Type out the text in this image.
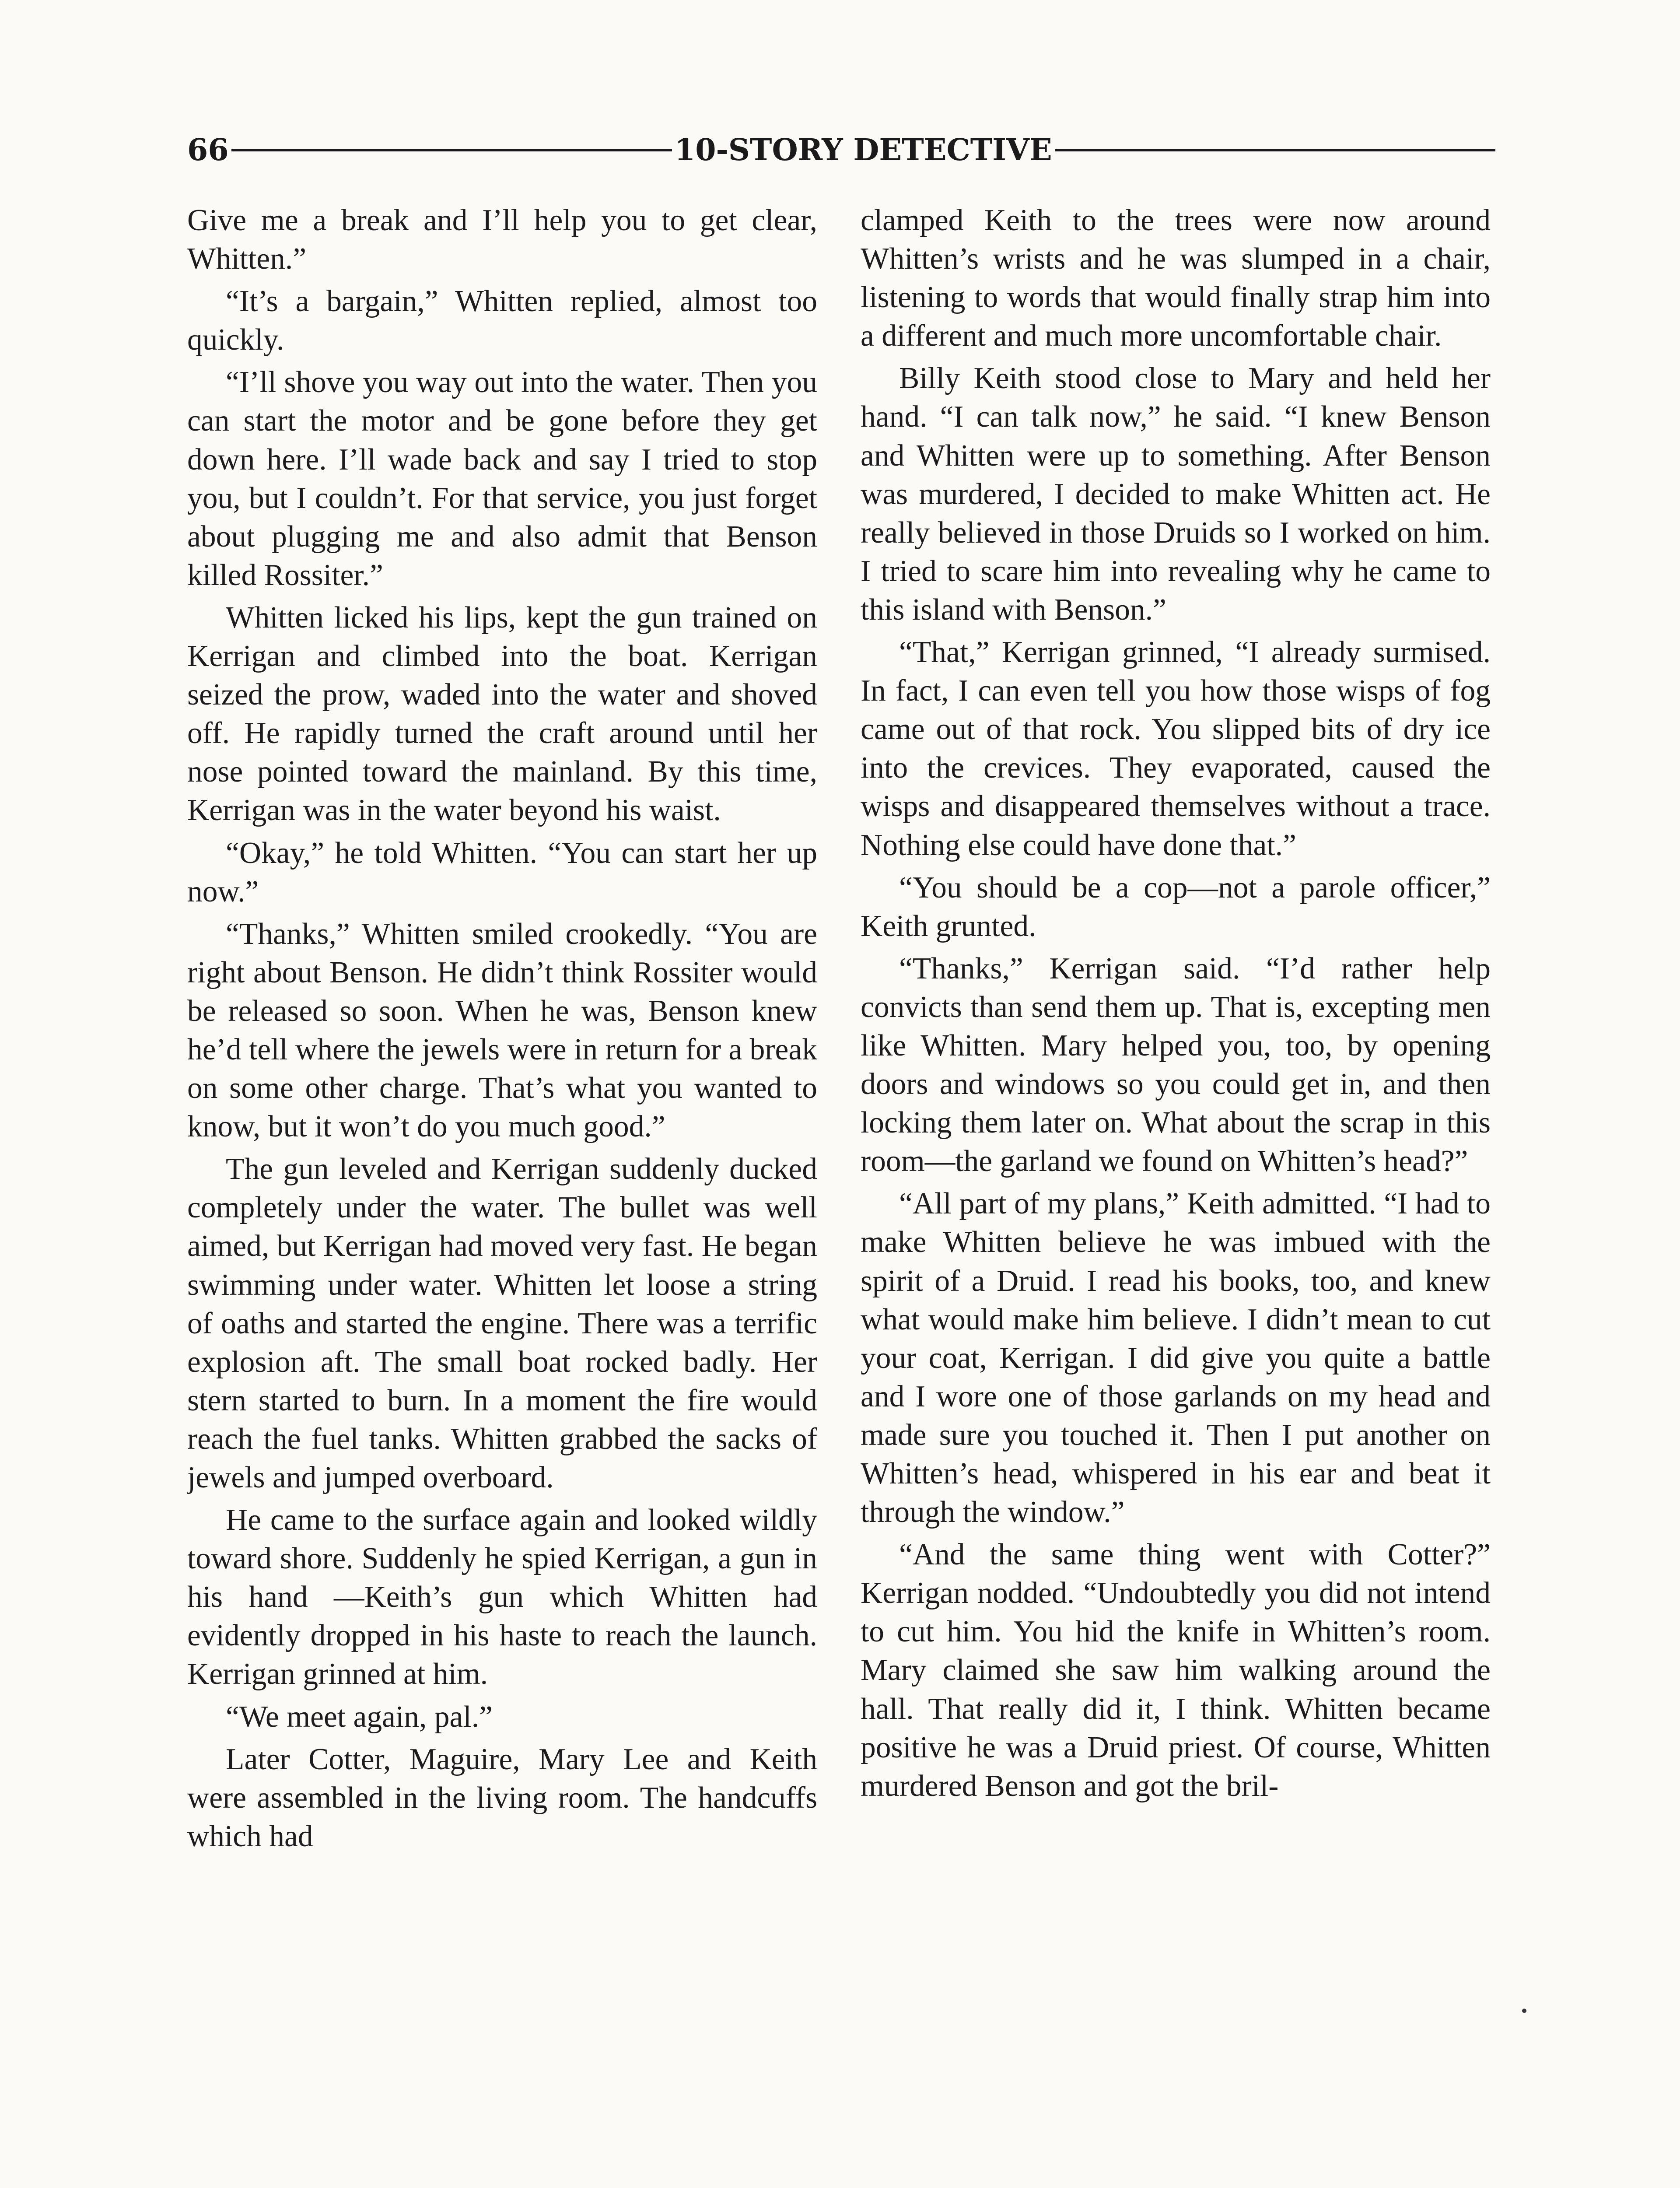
66	10-STORY DETECTIVE

Give me a break and I’ll help you to get clear, Whitten.”

“It’s a bargain,” Whitten replied, almost too quickly.

“I’ll shove you way out into the water. Then you can start the motor and be gone before they get down here. I’ll wade back and say I tried to stop you, but I couldn’t. For that service, you just forget about plugging me and also admit that Benson killed Rossiter.”

Whitten licked his lips, kept the gun trained on Kerrigan and climbed into the boat. Kerrigan seized the prow, waded into the water and shoved off. He rapidly turned the craft around until her nose pointed toward the mainland. By this time, Kerrigan was in the water beyond his waist.

“Okay,” he told Whitten. “You can start her up now.”

“Thanks,” Whitten smiled crookedly. “You are right about Benson. He didn’t think Rossiter would be released so soon. When he was, Benson knew he’d tell where the jewels were in return for a break on some other charge. That’s what you wanted to know, but it won’t do you much good.”

The gun leveled and Kerrigan suddenly ducked completely under the water. The bullet was well aimed, but Kerrigan had moved very fast. He began swimming under water. Whitten let loose a string of oaths and started the engine. There was a terrific explosion aft. The small boat rocked badly. Her stern started to burn. In a moment the fire would reach the fuel tanks. Whitten grabbed the sacks of jewels and jumped overboard.

He came to the surface again and looked wildly toward shore. Suddenly he spied Kerrigan, a gun in his hand —Keith’s gun which Whitten had evidently dropped in his haste to reach the launch. Kerrigan grinned at him.

“We meet again, pal.”

Later Cotter, Maguire, Mary Lee and Keith were assembled in the living room. The handcuffs which had

clamped Keith to the trees were now around Whitten’s wrists and he was slumped in a chair, listening to words that would finally strap him into a different and much more uncomfortable chair.

Billy Keith stood close to Mary and held her hand. “I can talk now,” he said. “I knew Benson and Whitten were up to something. After Benson was murdered, I decided to make Whitten act. He really believed in those Druids so I worked on him. I tried to scare him into revealing why he came to this island with Benson.”

“That,” Kerrigan grinned, “I already surmised. In fact, I can even tell you how those wisps of fog came out of that rock. You slipped bits of dry ice into the crevices. They evaporated, caused the wisps and disappeared themselves without a trace. Nothing else could have done that.”

“You should be a cop—not a parole officer,” Keith grunted.

“Thanks,” Kerrigan said. “I’d rather help convicts than send them up. That is, excepting men like Whitten. Mary helped you, too, by opening doors and windows so you could get in, and then locking them later on. What about the scrap in this room—the garland we found on Whitten’s head?”

“All part of my plans,” Keith admitted. “I had to make Whitten believe he was imbued with the spirit of a Druid. I read his books, too, and knew what would make him believe. I didn’t mean to cut your coat, Kerrigan. I did give you quite a battle and I wore one of those garlands on my head and made sure you touched it. Then I put another on Whitten’s head, whispered in his ear and beat it through the window.”

“And the same thing went with Cotter?” Kerrigan nodded. “Undoubtedly you did not intend to cut him. You hid the knife in Whitten’s room. Mary claimed she saw him walking around the hall. That really did it, I think. Whitten became positive he was a Druid priest. Of course, Whitten murdered Benson and got the bril-
